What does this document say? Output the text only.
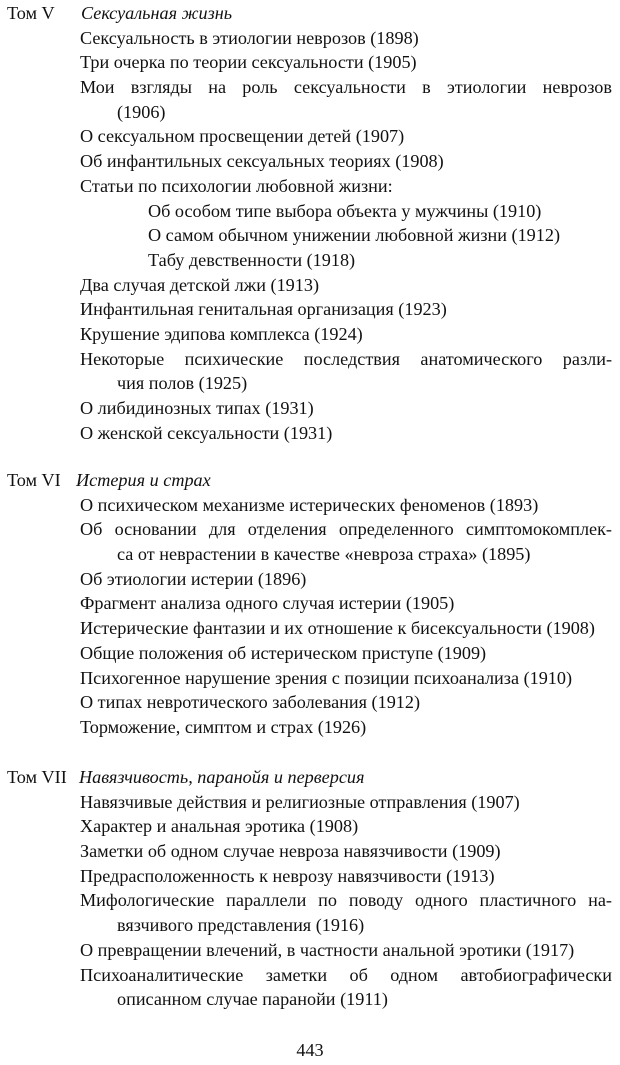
Том V Сексуальная жизнь
Сексуальность в этиологии неврозов (1898)
Три очерка по теории сексуальности (1905)
Мои взгляды на роль сексуальности в этиологии неврозов
(1906)
О сексуальном просвещении детей (1907)
Об инфантильных сексуальных теориях (1908)
Статьи по психологии любовной жизни:
Об особом типе выбора объекта у мужчины (1910)
О самом обычном унижении любовной жизни (1912)
Табу девственности (1918)
Два случая детской лжи (1913)
Инфантильная генитальная организация (1923)
Крушение эдипова комплекса (1924)
Некоторые психические последствия анатомического разли-
чия полов (1925)
О либидинозных типах (1931)
О женской сексуальности (1931)
Том VI Истерия и страх
О психическом механизме истерических феноменов (1893)
Об основании для отделения определенного симптомокомплек-
са от неврастении в качестве «невроза страха» (1895)
Об этиологии истерии (1896)
Фрагмент анализа одного случая истерии (1905)
Истерические фантазии и их отношение к бисексуальности (1908)
Общие положения об истерическом приступе (1909)
Психогенное нарушение зрения с позиции психоанализа (1910)
О типах невротического заболевания (1912)
Торможение, симптом и страх (1926)
Том VII Навязчивость, паранойя и перверсия
Навязчивые действия и религиозные отправления (1907)
Характер и анальная эротика (1908)
Заметки об одном случае невроза навязчивости (1909)
Предрасположенность к неврозу навязчивости (1913)
Мифологические параллели по поводу одного пластичного на-
вязчивого представления (1916)
О превращении влечений, в частности анальной эротики (1917)
Психоаналитические заметки об одном автобиографически
описанном случае паранойи (1911)
443
